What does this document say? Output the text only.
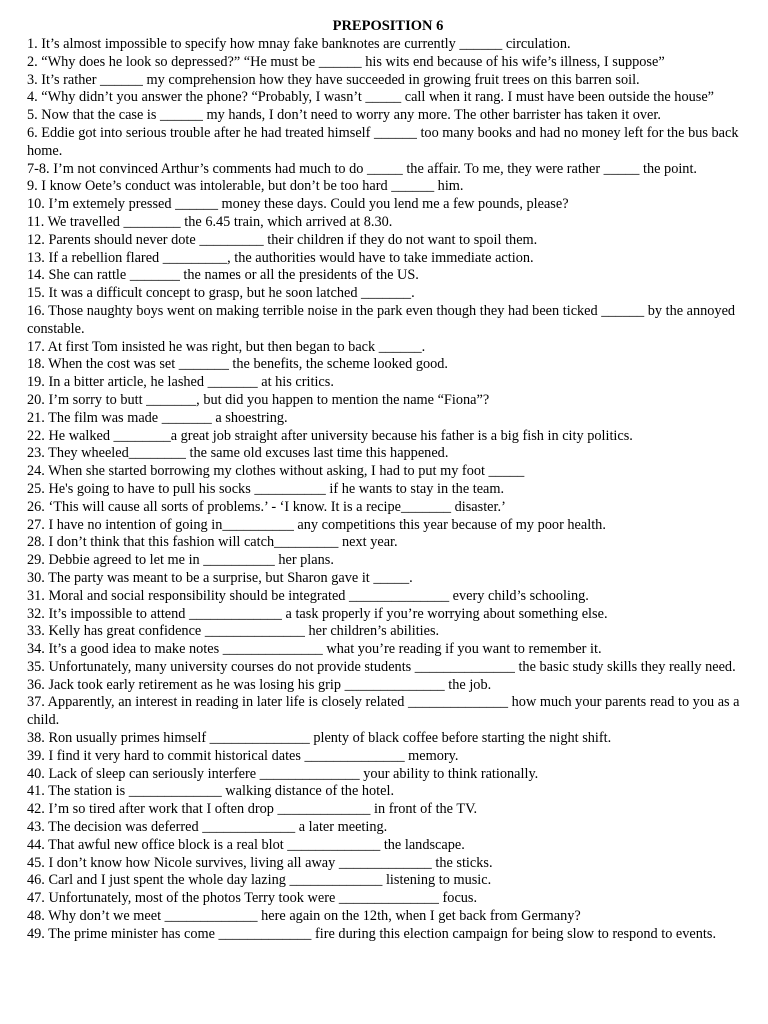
PREPOSITION 6
1. It’s almost impossible to specify how mnay fake banknotes are currently ______ circulation.
2. “Why does he look so depressed?” “He must be ______ his wits end because of his wife’s illness, I suppose”
3. It’s rather ______ my comprehension how they have succeeded in growing fruit trees on this barren soil.
4. “Why didn’t you answer the phone? “Probably, I wasn’t _____ call when it rang. I must have been outside the house”
5. Now that the case is ______ my hands, I don’t need to worry any more. The other barrister has taken it over.
6. Eddie got into serious trouble after he had treated himself ______ too many books and had no money left for the bus back home.
7-8. I’m not convinced Arthur’s comments had much to do _____ the affair. To me, they were rather _____ the point.
9. I know Oete’s conduct was intolerable, but don’t be too hard ______ him.
10. I’m extemely pressed ______ money these days. Could you lend me a few pounds, please?
11. We travelled ________ the 6.45 train, which arrived at 8.30.
12. Parents should never dote _________ their children if they do not want to spoil them.
13. If a rebellion flared _________, the authorities would have to take immediate action.
14. She can rattle _______ the names or all the presidents of the US.
15. It was a difficult concept to grasp, but he soon latched _______.
16. Those naughty boys went on making terrible noise in the park even though they had been ticked ______ by the annoyed constable.
17. At first Tom insisted he was right, but then began to back ______.
18. When the cost was set _______ the benefits, the scheme looked good.
19. In a bitter article, he lashed _______ at his critics.
20. I’m sorry to butt _______, but did you happen to mention the name “Fiona”?
21. The film was made _______ a shoestring.
22. He walked ________a great job straight after university because his father is a big fish in city politics.
23. They wheeled________ the same old excuses last time this happened.
24. When she started borrowing my clothes without asking, I had to put my foot _____
25. He's going to have to pull his socks __________ if he wants to stay in the team.
26. ‘This will cause all sorts of problems.’ - ‘I know. It is a recipe_______ disaster.’
27. I have no intention of going in__________ any competitions this year because of my poor health.
28. I don’t think that this fashion will catch_________ next year.
29. Debbie agreed to let me in __________ her plans.
30. The party was meant to be a surprise, but Sharon gave it _____.
31. Moral and social responsibility should be integrated ______________ every child’s schooling.
32. It’s impossible to attend _____________ a task properly if you’re worrying about something else.
33. Kelly has great confidence ______________ her children’s abilities.
34. It’s a good idea to make notes ______________ what you’re reading if you want to remember it.
35. Unfortunately, many university courses do not provide students ______________ the basic study skills they really need.
36. Jack took early retirement as he was losing his grip ______________ the job.
37. Apparently, an interest in reading in later life is closely related ______________ how much your parents read to you as a child.
38. Ron usually primes himself ______________ plenty of black coffee before starting the night shift.
39. I find it very hard to commit historical dates ______________ memory.
40. Lack of sleep can seriously interfere ______________ your ability to think rationally.
41. The station is _____________ walking distance of the hotel.
42. I’m so tired after work that I often drop _____________ in front of the TV.
43. The decision was deferred _____________ a later meeting.
44. That awful new office block is a real blot _____________ the landscape.
45. I don’t know how Nicole survives, living all away _____________ the sticks.
46. Carl and I just spent the whole day lazing _____________ listening to music.
47. Unfortunately, most of the photos Terry took were ______________ focus.
48. Why don’t we meet _____________ here again on the 12th, when I get back from Germany?
49. The prime minister has come _____________ fire during this election campaign for being slow to respond to events.
